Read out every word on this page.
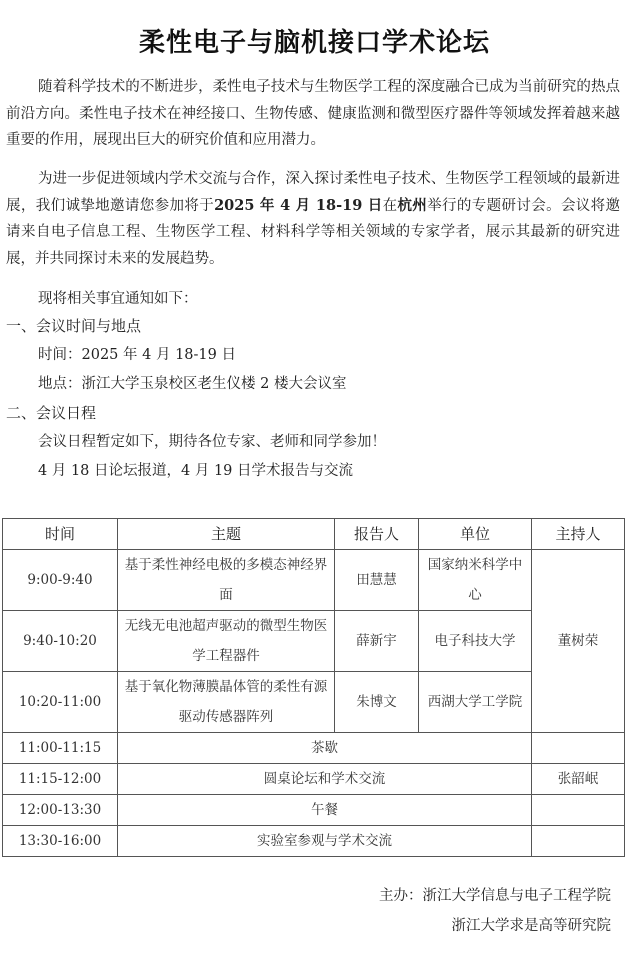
柔性电子与脑机接口学术论坛
随着科学技术的不断进步，柔性电子技术与生物医学工程的深度融合已成为当前研究的热点前沿方向。柔性电子技术在神经接口、生物传感、健康监测和微型医疗器件等领域发挥着越来越重要的作用，展现出巨大的研究价值和应用潜力。
为进一步促进领域内学术交流与合作，深入探讨柔性电子技术、生物医学工程领域的最新进展，我们诚挚地邀请您参加将于2025 年 4 月 18-19 日在杭州举行的专题研讨会。会议将邀请来自电子信息工程、生物医学工程、材料科学等相关领域的专家学者，展示其最新的研究进展，并共同探讨未来的发展趋势。
现将相关事宜通知如下：
一、会议时间与地点
时间：2025 年 4 月 18-19 日
地点：浙江大学玉泉校区老生仪楼 2 楼大会议室
二、会议日程
会议日程暂定如下，期待各位专家、老师和同学参加！
4 月 18 日论坛报道，4 月 19 日学术报告与交流
时间	主题	报告人	单位	主持人
9:00-9:40	基于柔性神经电极的多模态神经界面	田慧慧	国家纳米科学中心	董树荣
9:40-10:20	无线无电池超声驱动的微型生物医学工程器件	薛新宇	电子科技大学	
10:20-11:00	基于氧化物薄膜晶体管的柔性有源驱动传感器阵列	朱博文	西湖大学工学院	
11:00-11:15	茶歇			
11:15-12:00	圆桌论坛和学术交流			张韶岷
12:00-13:30	午餐			
13:30-16:00	实验室参观与学术交流			
主办：浙江大学信息与电子工程学院
浙江大学求是高等研究院
